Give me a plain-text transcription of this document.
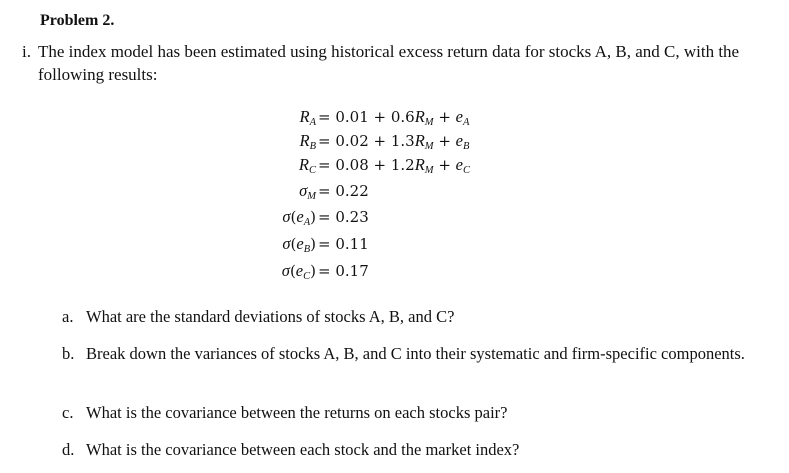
Problem 2.
i. The index model has been estimated using historical excess return data for stocks A, B, and C, with the following results:
$R_A = 0.01 + 0.6R_M + e_A$
$R_B = 0.02 + 1.3R_M + e_B$
$R_C = 0.08 + 1.2R_M + e_C$
$\sigma_M = 0.22$
$\sigma(e_A) = 0.23$
$\sigma(e_B) = 0.11$
$\sigma(e_C) = 0.17$
a. What are the standard deviations of stocks A, B, and C?
b. Break down the variances of stocks A, B, and C into their systematic and firm-specific components.
c. What is the covariance between the returns on each stocks pair?
d. What is the covariance between each stock and the market index?
